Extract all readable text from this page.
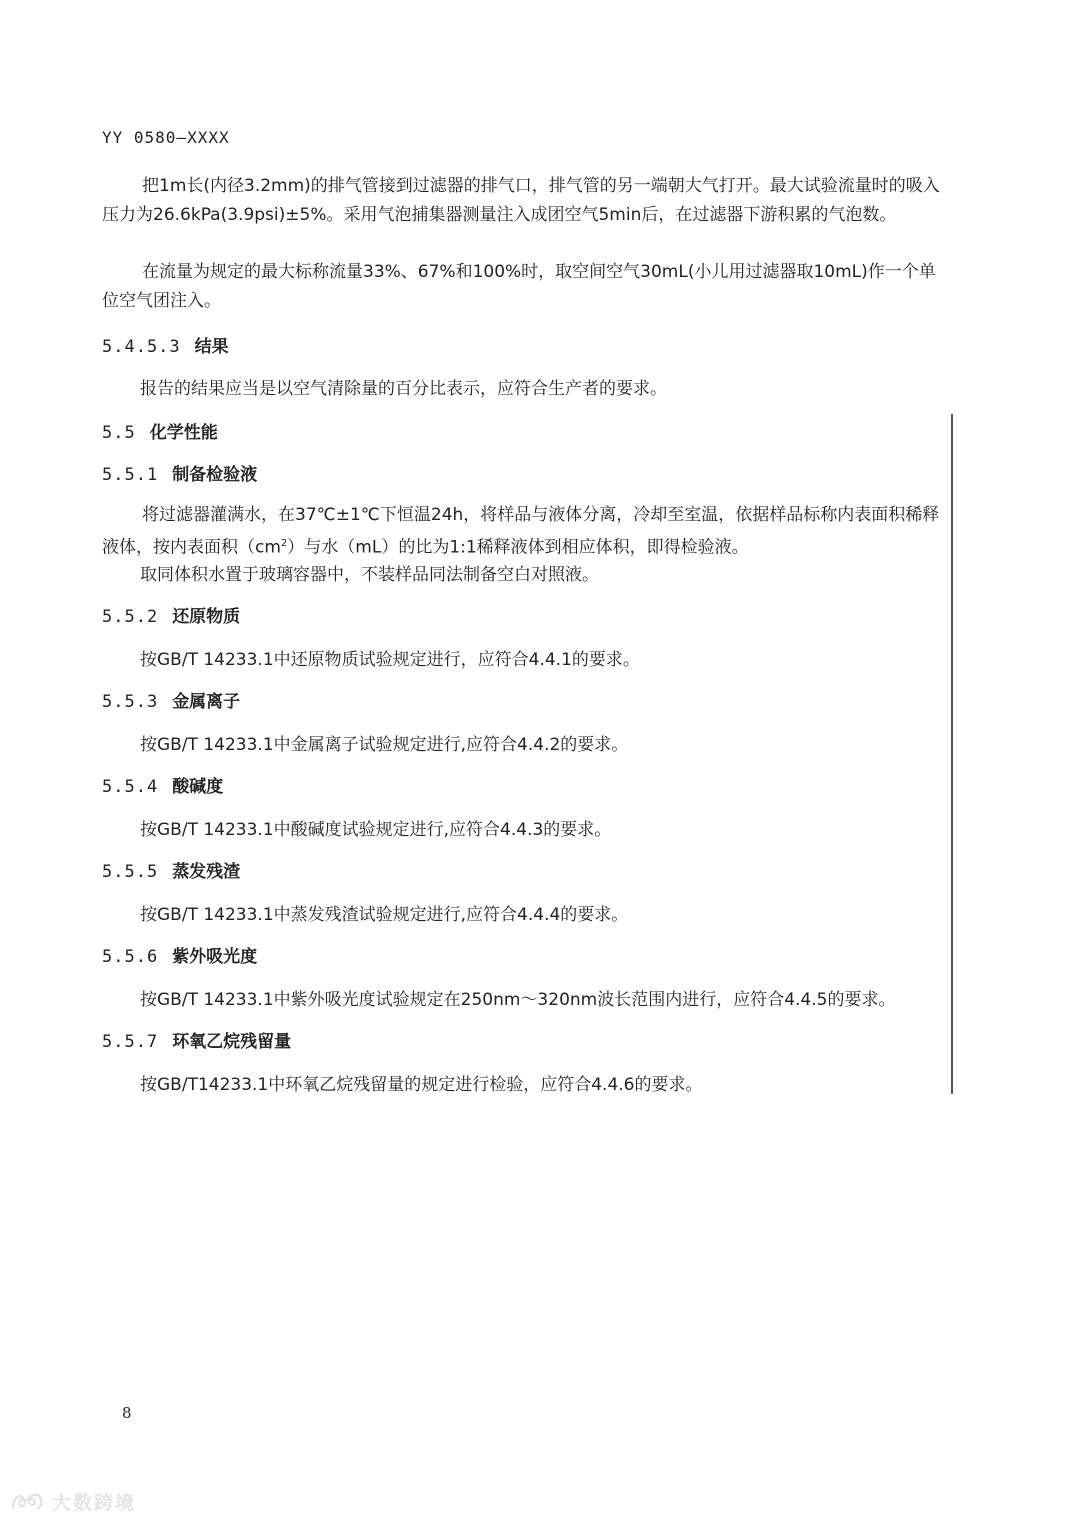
YY 0580—XXXX
把1m长(内径3.2mm)的排气管接到过滤器的排气口，排气管的另一端朝大气打开。最大试验流量时的吸入压力为26.6kPa(3.9psi)±5%。采用气泡捕集器测量注入成团空气5min后，在过滤器下游积累的气泡数。
在流量为规定的最大标称流量33%、67%和100%时，取空间空气30mL(小儿用过滤器取10mL)作一个单位空气团注入。
5.4.5.3 结果
报告的结果应当是以空气清除量的百分比表示，应符合生产者的要求。
5.5 化学性能
5.5.1 制备检验液
将过滤器灌满水，在37℃±1℃下恒温24h，将样品与液体分离，冷却至室温，依据样品标称内表面积稀释液体，按内表面积$(cm^2)$与水（mL）的比为1:1稀释液体到相应体积，即得检验液。
取同体积水置于玻璃容器中，不装样品同法制备空白对照液。
5.5.2 还原物质
按GB/T 14233.1中还原物质试验规定进行，应符合4.4.1的要求。
5.5.3 金属离子
按GB/T 14233.1中金属离子试验规定进行,应符合4.4.2的要求。
5.5.4 酸碱度
按GB/T 14233.1中酸碱度试验规定进行,应符合4.4.3的要求。
5.5.5 蒸发残渣
按GB/T 14233.1中蒸发残渣试验规定进行,应符合4.4.4的要求。
5.5.6 紫外吸光度
按GB/T 14233.1中紫外吸光度试验规定在250nm～320nm波长范围内进行，应符合4.4.5的要求。
5.5.7 环氧乙烷残留量
按GB/T14233.1中环氧乙烷残留量的规定进行检验，应符合4.4.6的要求。
8
大数跨境
